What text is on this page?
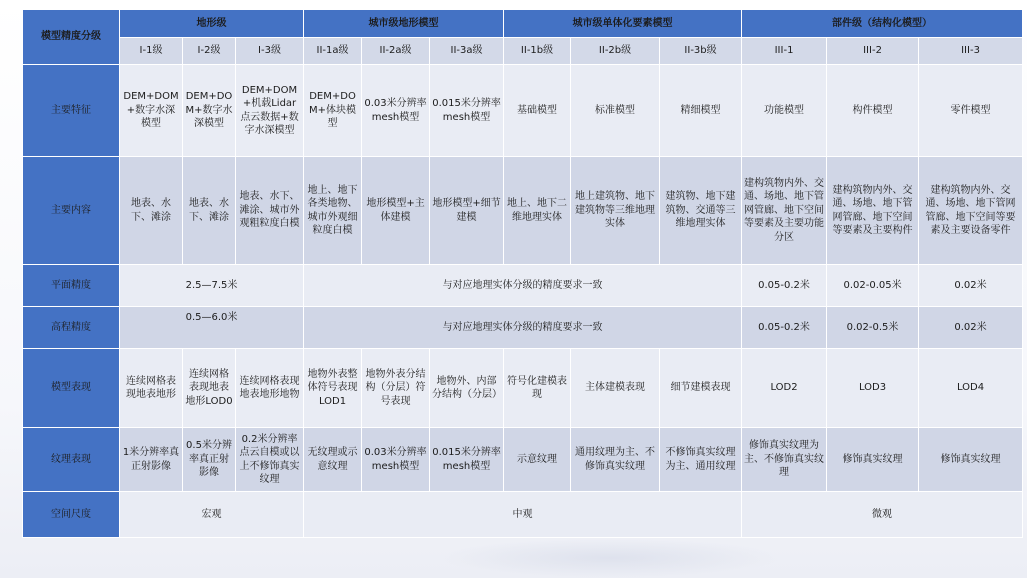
模型精度分级	地形级			城市级地形模型			城市级单体化要素模型			部件级（结构化模型）		
	I-1级	I-2级	I-3级	II-1a级	II-2a级	II-3a级	II-1b级	II-2b级	II-3b级	III-1	III-2	III-3
主要特征	DEM+DOM+数字水深模型	DEM+DOM+数字水深模型	DEM+DOM+机载Lidar点云数据+数字水深模型	DEM+DOM+体块模型	0.03米分辨率mesh模型	0.015米分辨率mesh模型	基础模型	标准模型	精细模型	功能模型	构件模型	零件模型
主要内容	地表、水下、滩涂	地表、水下、滩涂	地表、水下、滩涂、城市外观粗粒度白模	地上、地下各类地物、城市外观细粒度白模	地形模型+主体建模	地形模型+细节建模	地上、地下二维地理实体	地上建筑物、地下建筑物等三维地理实体	建筑物、地下建筑物、交通等三维地理实体	建构筑物内外、交通、场地、地下管网管廊、地下空间等要素及主要功能分区	建构筑物内外、交通、场地、地下管网管廊、地下空间等要素及主要构件	建构筑物内外、交通、场地、地下管网管廊、地下空间等要素及主要设备零件
平面精度	2.5—7.5米			与对应地理实体分级的精度要求一致						0.05-0.2米	0.02-0.05米	0.02米
高程精度	0.5—6.0米			与对应地理实体分级的精度要求一致						0.05-0.2米	0.02-0.5米	0.02米
模型表现	连续网格表现地表地形	连续网格表现地表地形LOD0	连续网格表现地表地形地物	地物外表整体符号表现LOD1	地物外表分结构（分层）符号表现	地物外、内部分结构（分层）	符号化建模表现	主体建模表现	细节建模表现	LOD2	LOD3	LOD4
纹理表现	1米分辨率真正射影像	0.5米分辨率真正射影像	0.2米分辨率点云自模或以上不修饰真实纹理	无纹理或示意纹理	0.03米分辨率mesh模型	0.015米分辨率mesh模型	示意纹理	通用纹理为主、不修饰真实纹理	不修饰真实纹理为主、通用纹理	修饰真实纹理为主、不修饰真实纹理	修饰真实纹理	修饰真实纹理
空间尺度	宏观			中观						微观		
